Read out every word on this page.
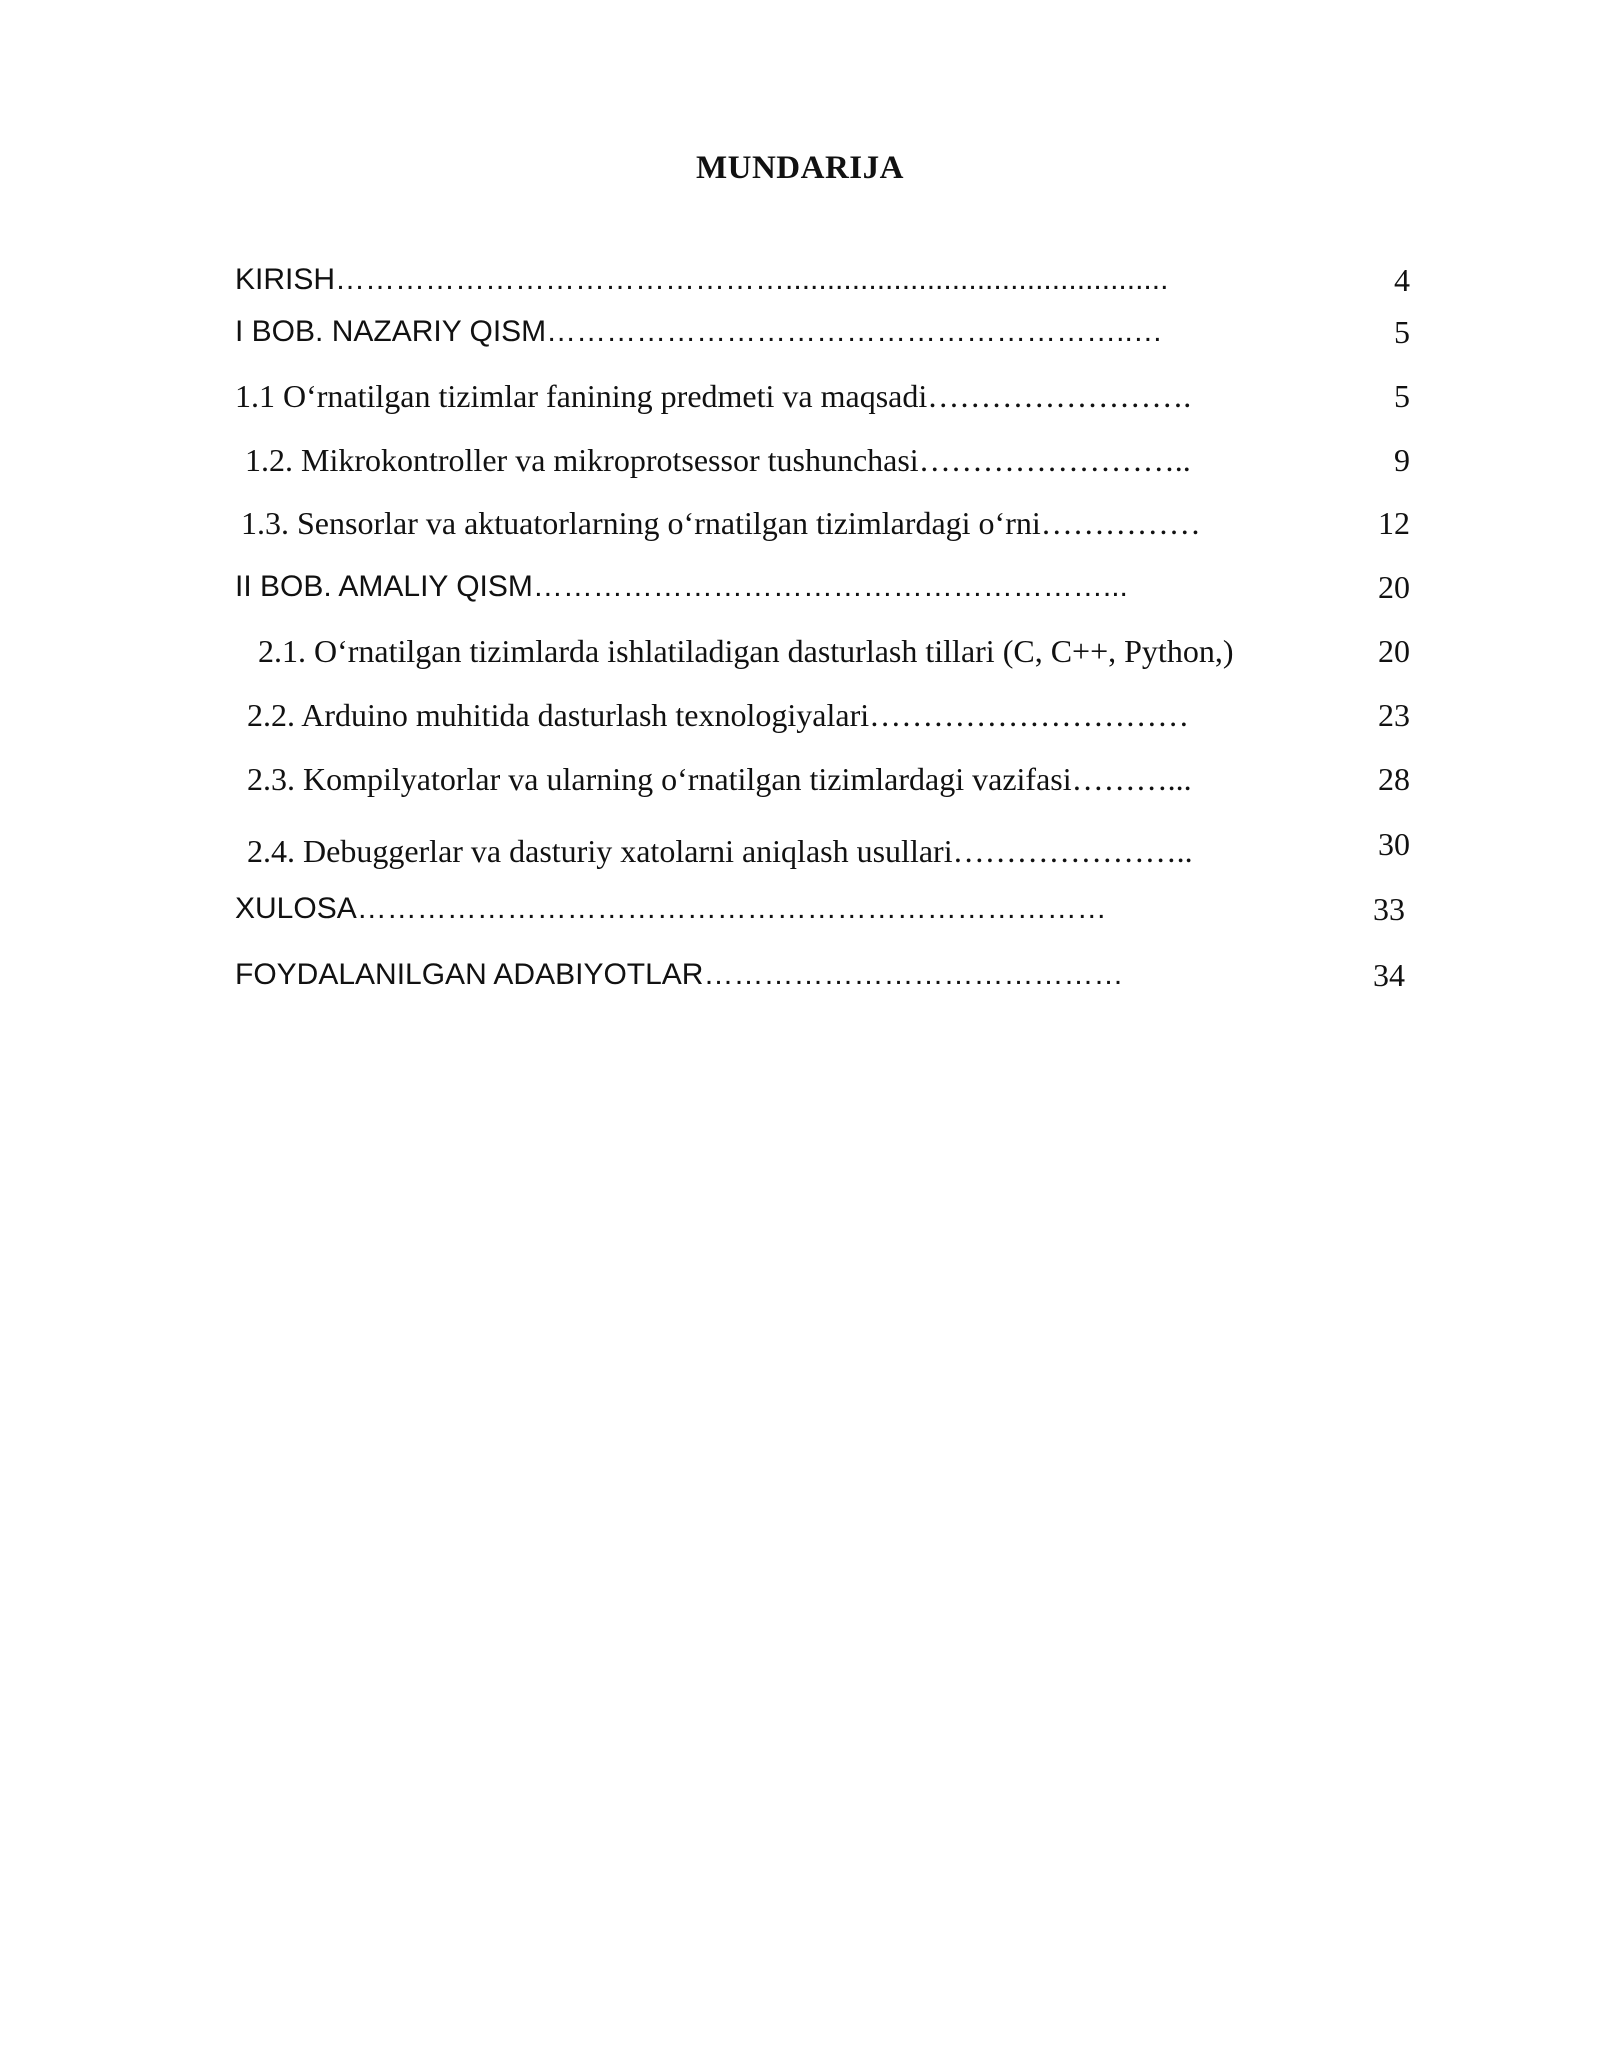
MUNDARIJA
KIRISH………………………………………..............................................	4
I BOB. NAZARIY QISM…………………………………………………..…	5
1.1 O‘rnatilgan tizimlar fanining predmeti va maqsadi…………………….	5
1.2. Mikrokontroller va mikroprotsessor tushunchasi……………………..	9
1.3. Sensorlar va aktuatorlarning o‘rnatilgan tizimlardagi o‘rni……………	12
II BOB. AMALIY QISM…………………………………………………...	20
2.1. O‘rnatilgan tizimlarda ishlatiladigan dasturlash tillari (C, C++, Python,)	20
2.2. Arduino muhitida dasturlash texnologiyalari…………………………	23
2.3. Kompilyatorlar va ularning o‘rnatilgan tizimlardagi vazifasi………...	28
2.4. Debuggerlar va dasturiy xatolarni aniqlash usullari…………………..	30
XULOSA…………………………………………………………………	33
FOYDALANILGAN ADABIYOTLAR……………………………………	34
